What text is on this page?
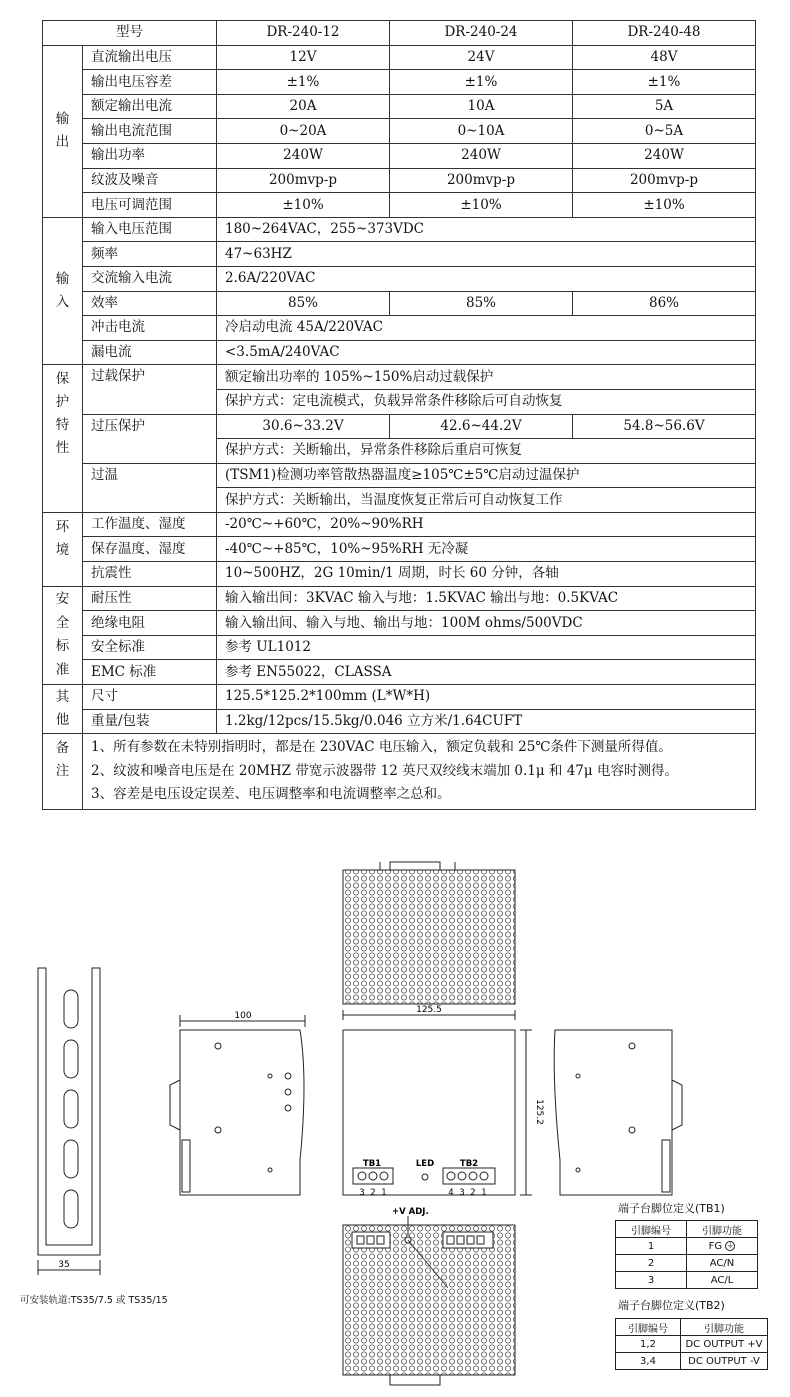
型号		DR-240-12	DR-240-24	DR-240-48
输出	直流输出电压	12V	24V	48V
	输出电压容差	±1%	±1%	±1%
	额定输出电流	20A	10A	5A
	输出电流范围	0~20A	0~10A	0~5A
	输出功率	240W	240W	240W
	纹波及噪音	200mvp-p	200mvp-p	200mvp-p
	电压可调范围	±10%	±10%	±10%
输入	输入电压范围	180~264VAC，255~373VDC		
	频率	47~63HZ		
	交流输入电流	2.6A/220VAC		
	效率	85%	85%	86%
	冲击电流	冷启动电流 45A/220VAC		
	漏电流	<3.5mA/240VAC		
保护特性	过载保护	额定输出功率的 105%~150%启动过载保护		
		保护方式：定电流模式，负载异常条件移除后可自动恢复		
	过压保护	30.6~33.2V	42.6~44.2V	54.8~56.6V
		保护方式：关断输出，异常条件移除后重启可恢复		
	过温	(TSM1)检测功率管散热器温度≥105℃±5℃启动过温保护		
		保护方式：关断输出，当温度恢复正常后可自动恢复工作		
环境	工作温度、湿度	-20℃~+60℃，20%~90%RH		
	保存温度、湿度	-40℃~+85℃，10%~95%RH 无冷凝		
	抗震性	10~500HZ，2G 10min/1 周期，时长 60 分钟，各轴		
安全标准	耐压性	输入输出间：3KVAC 输入与地：1.5KVAC 输出与地：0.5KVAC		
	绝缘电阻	输入输出间、输入与地、输出与地：100M ohms/500VDC		
	安全标准	参考 UL1012		
	EMC 标准	参考 EN55022，CLASSA		
其他	尺寸	125.5*125.2*100mm (L*W*H)		
	重量/包装	1.2kg/12pcs/15.5kg/0.046 立方米/1.64CUFT		
备注	1、所有参数在未特别指明时，都是在 230VAC 电压输入，额定负载和 25℃条件下测量所得值。
2、纹波和噪音电压是在 20MHZ 带宽示波器带 12 英尺双绞线末端加 0.1μ 和 47μ 电容时测得。
3、容差是电压设定误差、电压调整率和电流调整率之总和。			
35
100
125.5
125.2
TB1	LED	TB2
3 2 1	4 3 2 1
+V ADJ.
可安装轨道:TS35/7.5 或 TS35/15
端子台脚位定义(TB1)
引脚编号	引脚功能
1	FG ⏚
2	AC/N
3	AC/L
端子台脚位定义(TB2)
引脚编号	引脚功能
1,2	DC OUTPUT +V
3,4	DC OUTPUT -V
